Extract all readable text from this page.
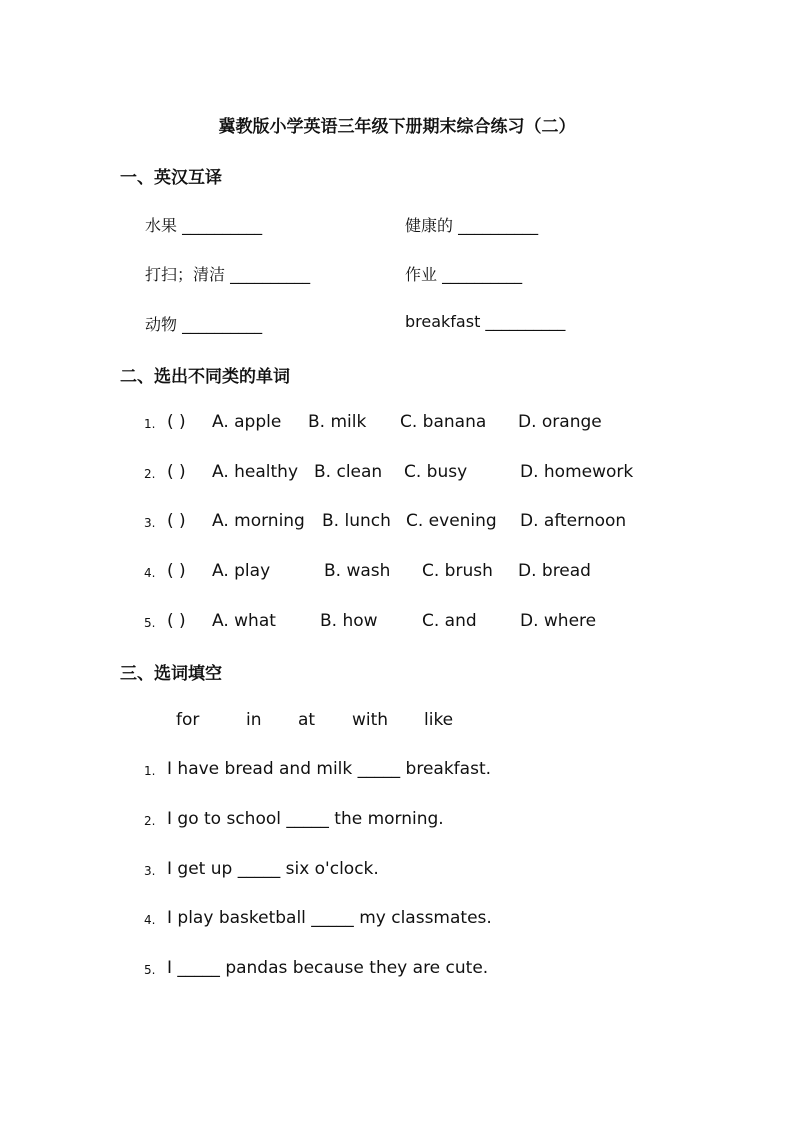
冀教版小学英语三年级下册期末综合练习（二）
一、英汉互译
水果 __________	健康的 __________
打扫；清洁 __________	作业 __________
动物 __________	breakfast __________
二、选出不同类的单词
1. ( ) A. apple B. milk C. banana D. orange
2. ( ) A. healthy B. clean C. busy	D. homework
3. ( ) A. morning B. lunch C. evening D. afternoon
4. ( ) A. play	B. wash C. brush D. bread
5. ( ) A. what	B. how	C. and	D. where
三、选词填空
for	in at with like
1. I have bread and milk _____ breakfast.
2. I go to school _____ the morning.
3. I get up _____ six o'clock.
4. I play basketball _____ my classmates.
5. I _____ pandas because they are cute.
